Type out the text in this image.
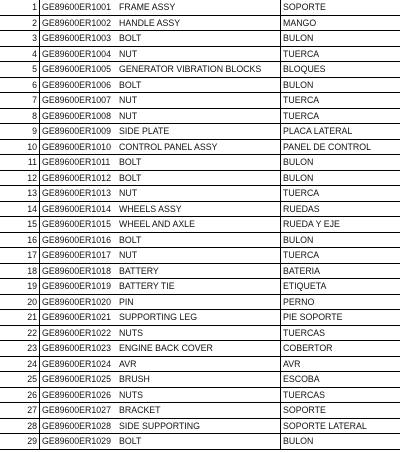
1	GE89600ER1001	FRAME ASSY	SOPORTE
2	GE89600ER1002	HANDLE ASSY	MANGO
3	GE89600ER1003	BOLT	BULON
4	GE89600ER1004	NUT	TUERCA
5	GE89600ER1005	GENERATOR VIBRATION BLOCKS	BLOQUES
6	GE89600ER1006	BOLT	BULON
7	GE89600ER1007	NUT	TUERCA
8	GE89600ER1008	NUT	TUERCA
9	GE89600ER1009	SIDE PLATE	PLACA LATERAL
10	GE89600ER1010	CONTROL PANEL ASSY	PANEL DE CONTROL
11	GE89600ER1011	BOLT	BULON
12	GE89600ER1012	BOLT	BULON
13	GE89600ER1013	NUT	TUERCA
14	GE89600ER1014	WHEELS ASSY	RUEDAS
15	GE89600ER1015	WHEEL AND AXLE	RUEDA Y EJE
16	GE89600ER1016	BOLT	BULON
17	GE89600ER1017	NUT	TUERCA
18	GE89600ER1018	BATTERY	BATERIA
19	GE89600ER1019	BATTERY TIE	ETIQUETA
20	GE89600ER1020	PIN	PERNO
21	GE89600ER1021	SUPPORTING LEG	PIE SOPORTE
22	GE89600ER1022	NUTS	TUERCAS
23	GE89600ER1023	ENGINE BACK COVER	COBERTOR
24	GE89600ER1024	AVR	AVR
25	GE89600ER1025	BRUSH	ESCOBA
26	GE89600ER1026	NUTS	TUERCAS
27	GE89600ER1027	BRACKET	SOPORTE
28	GE89600ER1028	SIDE SUPPORTING	SOPORTE LATERAL
29	GE89600ER1029	BOLT	BULON
